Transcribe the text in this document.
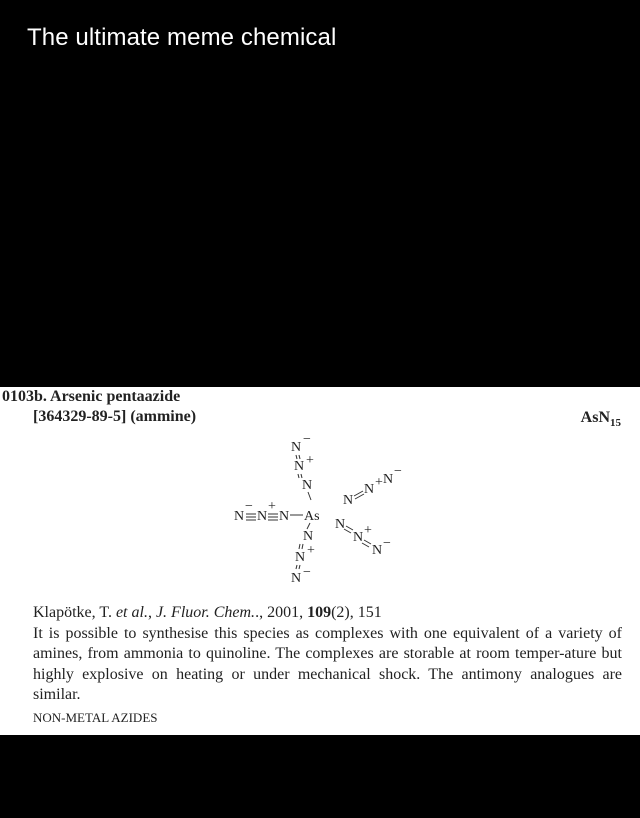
The ultimate meme chemical
0103b. Arsenic pentaazide
[364329-89-5] (ammine)	AsN$_{15}$
As
N N N
N
N
N
N
N
N
N
N
N
N
N
N
−
+
− +
+
−
+
−
+
−
Klapötke, T. et al., J. Fluor. Chem.., 2001, 109(2), 151

It is possible to synthesise this species as complexes with one equivalent of a variety of amines, from ammonia to quinoline. The complexes are storable at room temper-ature but highly explosive on heating or under mechanical shock. The antimony analogues are similar.

NON-METAL AZIDES
